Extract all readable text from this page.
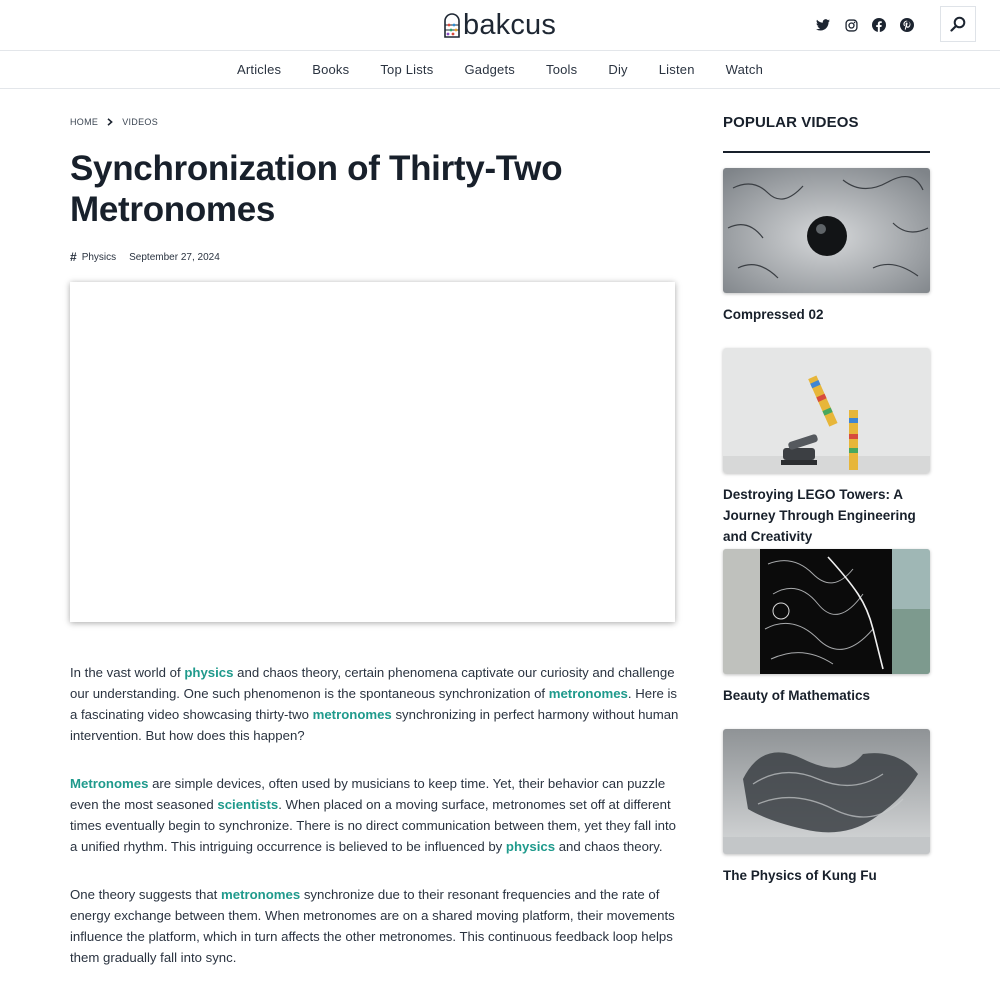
bakcus
Articles Books Top Lists Gadgets Tools Diy Listen Watch
HOME	VIDEOS
Synchronization of Thirty-Two Metronomes
# Physics September 27, 2024

In the vast world of physics and chaos theory, certain phenomena captivate our curiosity and challenge our understanding. One such phenomenon is the spontaneous synchronization of metronomes. Here is a fascinating video showcasing thirty-two metronomes synchronizing in perfect harmony without human intervention. But how does this happen?

Metronomes are simple devices, often used by musicians to keep time. Yet, their behavior can puzzle even the most seasoned scientists. When placed on a moving surface, metronomes set off at different times eventually begin to synchronize. There is no direct communication between them, yet they fall into a unified rhythm. This intriguing occurrence is believed to be influenced by physics and chaos theory.

One theory suggests that metronomes synchronize due to their resonant frequencies and the rate of energy exchange between them. When metronomes are on a shared moving platform, their movements influence the platform, which in turn affects the other metronomes. This continuous feedback loop helps them gradually fall into sync.

POPULAR VIDEOS
Compressed 02
Destroying LEGO Towers: A Journey Through Engineering and Creativity
Beauty of Mathematics
The Physics of Kung Fu
